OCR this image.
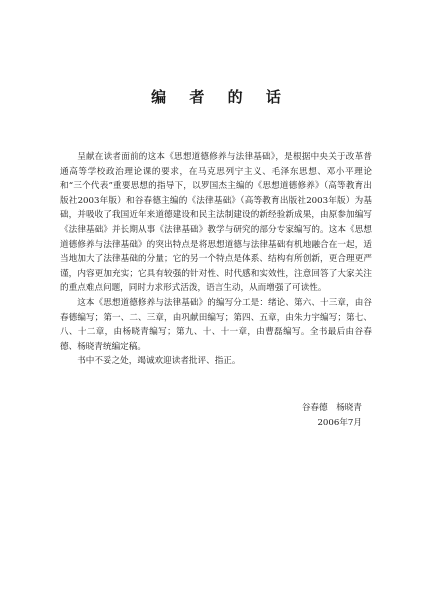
编 者 的 话

呈献在读者面前的这本《思想道德修养与法律基础》，是根据中央关于改革普通高等学校政治理论课的要求，在马克思列宁主义、毛泽东思想、邓小平理论和“三个代表”重要思想的指导下，以罗国杰主编的《思想道德修养》（高等教育出版社2003年版）和谷春德主编的《法律基础》（高等教育出版社2003年版）为基础，并吸收了我国近年来道德建设和民主法制建设的新经验新成果，由原参加编写《法律基础》并长期从事《法律基础》教学与研究的部分专家编写的。这本《思想道德修养与法律基础》的突出特点是将思想道德与法律基础有机地融合在一起，适当地加大了法律基础的分量；它的另一个特点是体系、结构有所创新，更合理更严谨，内容更加充实；它具有较强的针对性、时代感和实效性，注意回答了大家关注的重点难点问题，同时力求形式活泼，语言生动，从而增强了可读性。

这本《思想道德修养与法律基础》的编写分工是：绪论、第六、十三章，由谷春德编写；第一、二、三章，由巩献田编写；第四、五章，由朱力宇编写；第七、八、十二章，由杨晓青编写；第九、十、十一章，由曹磊编写。全书最后由谷春德、杨晓青统编定稿。

书中不妥之处，竭诚欢迎读者批评、指正。

谷春德　杨晓青
2006年7月
